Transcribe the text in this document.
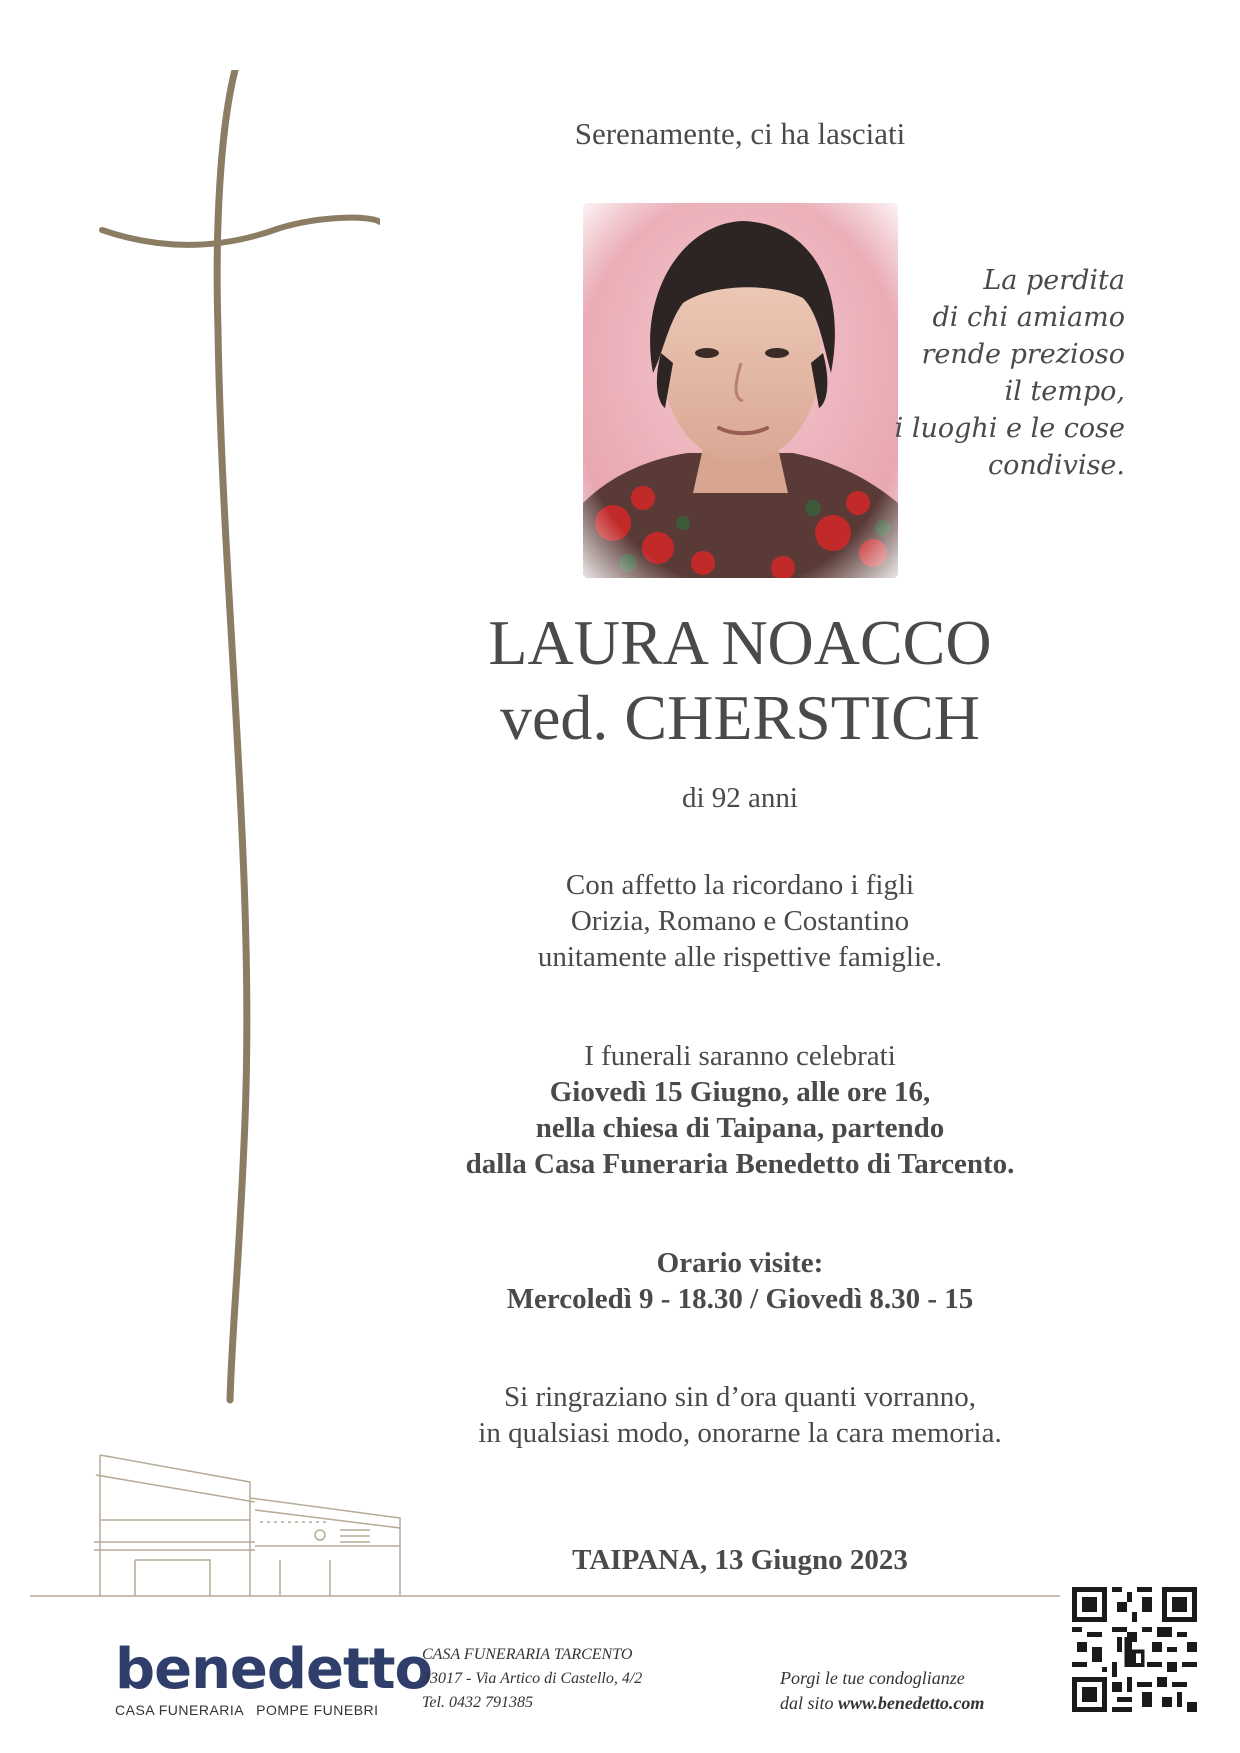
Serenamente, ci ha lasciati
La perdita
di chi amiamo
rende prezioso
il tempo,
i luoghi e le cose
condivise.
LAURA NOACCO
ved. CHERSTICH
di 92 anni
Con affetto la ricordano i figli
Orizia, Romano e Costantino
unitamente alle rispettive famiglie.
I funerali saranno celebrati
Giovedì 15 Giugno, alle ore 16,
nella chiesa di Taipana, partendo
dalla Casa Funeraria Benedetto di Tarcento.
Orario visite:
Mercoledì 9 - 18.30 / Giovedì 8.30 - 15
Si ringraziano sin d’ora quanti vorranno,
in qualsiasi modo, onorarne la cara memoria.
TAIPANA, 13 Giugno 2023
benedetto
CASA FUNERARIA POMPE FUNEBRI
CASA FUNERARIA TARCENTO
33017 - Via Artico di Castello, 4/2
Tel. 0432 791385
Porgi le tue condoglianze
dal sito www.benedetto.com
